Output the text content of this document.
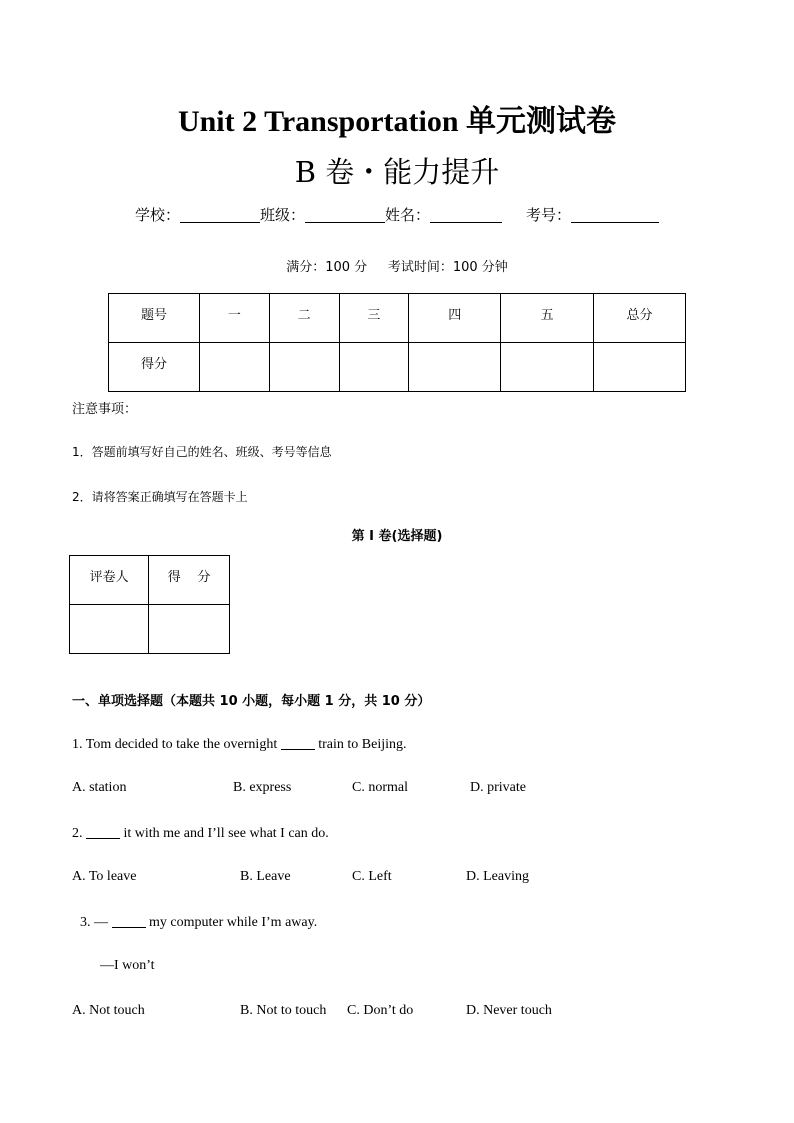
Unit 2 Transportation 单元测试卷
B 卷・能力提升
学校：	班级：	姓名：	考号：
满分：100 分     考试时间：100 分钟
题号	一	二	三	四	五	总分
得分						
注意事项：
1．答题前填写好自己的姓名、班级、考号等信息
2．请将答案正确填写在答题卡上
第 I 卷(选择题)
评卷人	得    分

一、单项选择题（本题共 10 小题，每小题 1 分，共 10 分）
1. Tom decided to take the overnight  train to Beijing.
A. station	B. express	C. normal	D. private
2.  it with me and I’ll see what I can do.
A. To leave	B. Leave	C. Left	D. Leaving
3. —  my computer while I’m away.
—I won’t
A. Not touch	B. Not to touch C. Don’t do	D. Never touch
